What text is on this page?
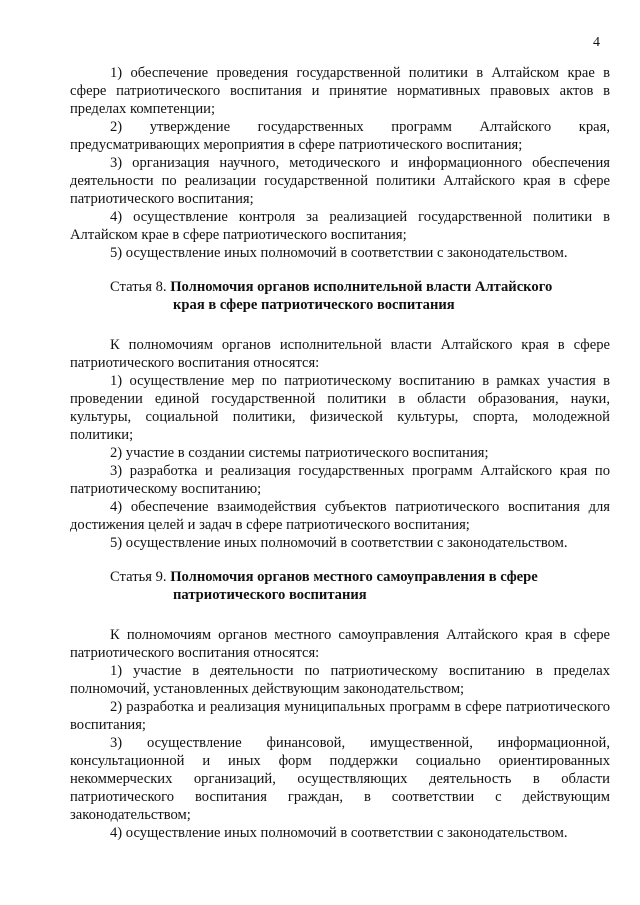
4

1) обеспечение проведения государственной политики в Алтайском крае в сфере патриотического воспитания и принятие нормативных правовых актов в пределах компетенции;

2) утверждение государственных программ Алтайского края, предусматривающих мероприятия в сфере патриотического воспитания;

3) организация научного, методического и информационного обеспечения деятельности по реализации государственной политики Алтайского края в сфере патриотического воспитания;

4) осуществление контроля за реализацией государственной политики в Алтайском крае в сфере патриотического воспитания;

5) осуществление иных полномочий в соответствии с законодательством.

Статья 8. Полномочия органов исполнительной власти Алтайского
края в сфере патриотического воспитания

К полномочиям органов исполнительной власти Алтайского края в сфере патриотического воспитания относятся:

1) осуществление мер по патриотическому воспитанию в рамках участия в проведении единой государственной политики в области образования, науки, культуры, социальной политики, физической культуры, спорта, молодежной политики;

2) участие в создании системы патриотического воспитания;

3) разработка и реализация государственных программ Алтайского края по патриотическому воспитанию;

4) обеспечение взаимодействия субъектов патриотического воспитания для достижения целей и задач в сфере патриотического воспитания;

5) осуществление иных полномочий в соответствии с законодательством.

Статья 9. Полномочия органов местного самоуправления в сфере
патриотического воспитания

К полномочиям органов местного самоуправления Алтайского края в сфере патриотического воспитания относятся:

1) участие в деятельности по патриотическому воспитанию в пределах полномочий, установленных действующим законодательством;

2) разработка и реализация муниципальных программ в сфере патриотического воспитания;

3) осуществление финансовой, имущественной, информационной, консультационной и иных форм поддержки социально ориентированных некоммерческих организаций, осуществляющих деятельность в области патриотического воспитания граждан, в соответствии с действующим законодательством;

4) осуществление иных полномочий в соответствии с законодательством.
